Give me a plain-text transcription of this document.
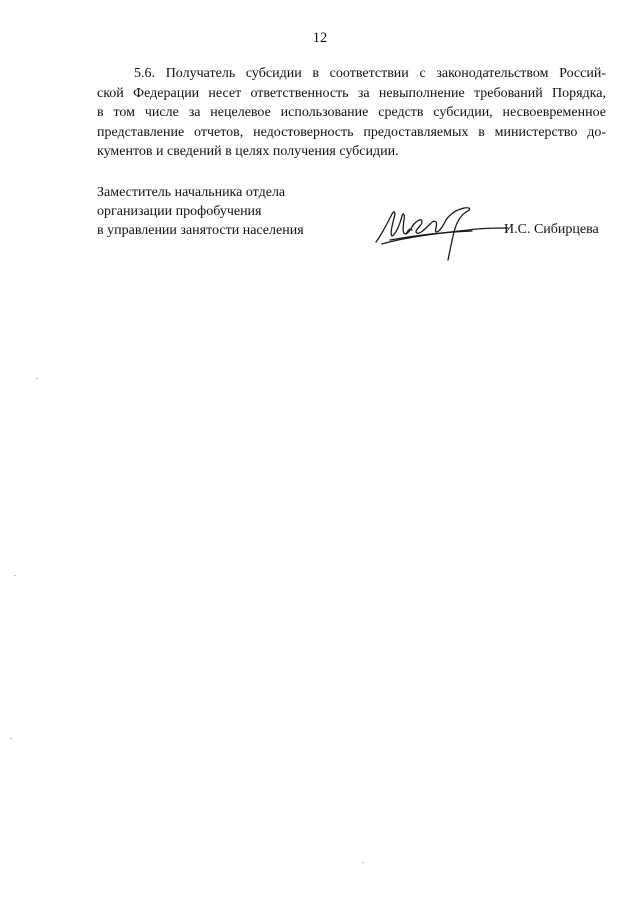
12
5.6. Получатель субсидии в соответствии с законодательством Россий-
ской Федерации несет ответственность за невыполнение требований Порядка,
в том числе за нецелевое использование средств субсидии, несвоевременное
представление отчетов, недостоверность предоставляемых в министерство до-
кументов и сведений в целях получения субсидии.
Заместитель начальника отдела
организации профобучения
в управлении занятости населения	И.С. Сибирцева
